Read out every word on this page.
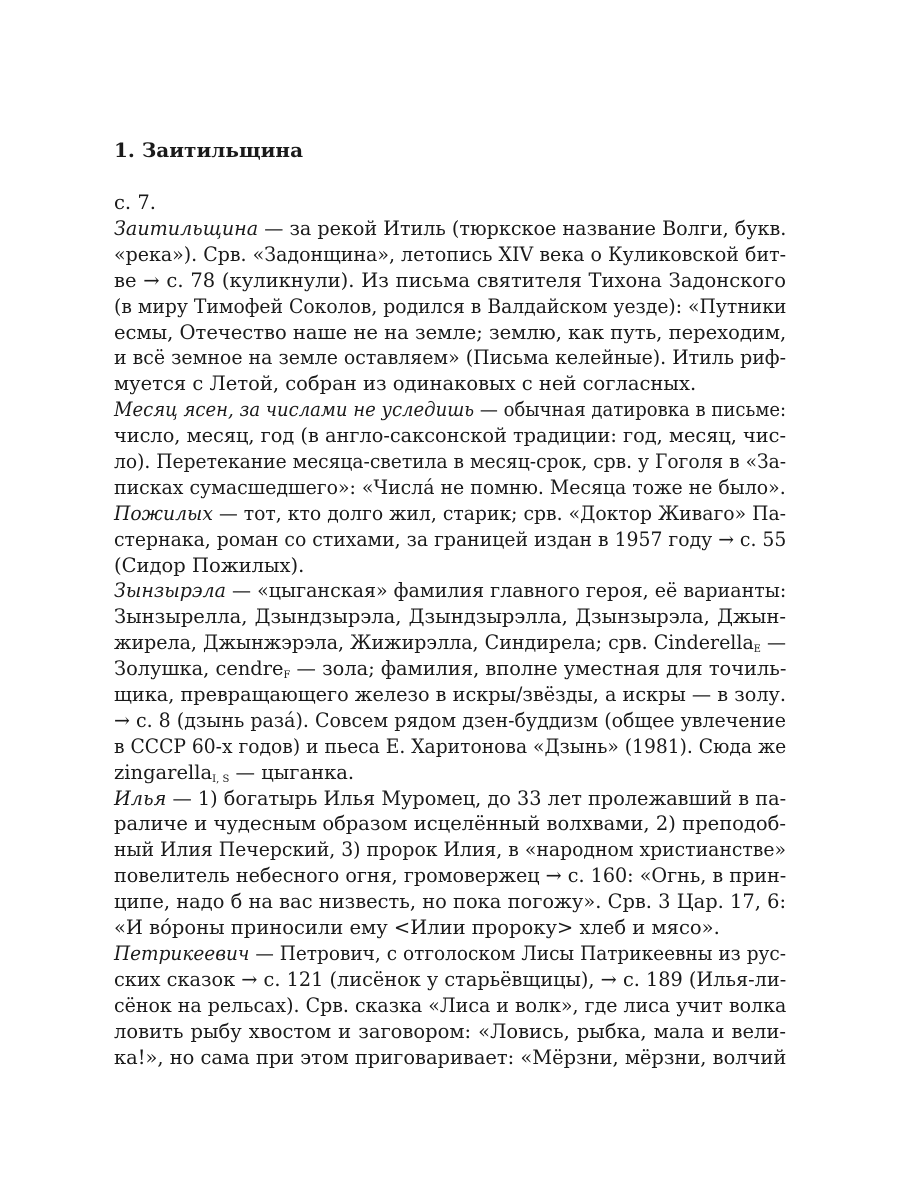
1. Заитильщина
с. 7.
Заитильщина — за рекой Итиль (тюркское название Волги, букв.
«река»). Срв. «Задонщина», летопись XIV века о Куликовской бит-
ве → с. 78 (куликнули). Из письма святителя Тихона Задонского
(в миру Тимофей Соколов, родился в Валдайском уезде): «Путники
есмы, Отечество наше не на земле; землю, как путь, переходим,
и всё земное на земле оставляем» (Письма келейные). Итиль риф-
муется с Летой, собран из одинаковых с ней согласных.
Месяц ясен, за числами не уследишь — обычная датировка в письме:
число, месяц, год (в англо-саксонской традиции: год, месяц, чис-
ло). Перетекание месяца-светила в месяц-срок, срв. у Гоголя в «За-
писках сумасшедшего»: «Числá не помню. Месяца тоже не было».
Пожилых — тот, кто долго жил, старик; срв. «Доктор Живаго» Па-
стернака, роман со стихами, за границей издан в 1957 году → с. 55
(Сидор Пожилых).
Зынзырэла — «цыганская» фамилия главного героя, её варианты:
Зынзырелла, Дзындзырэла, Дзындзырэлла, Дзынзырэла, Джын-
жирела, Джынжэрэла, Жижирэлла, Синдирела; срв. Cinderella$_E$ —
Золушка, cendre$_F$ — зола; фамилия, вполне уместная для точиль-
щика, превращающего железо в искры/звёзды, а искры — в золу.
→ с. 8 (дзынь разá). Совсем рядом дзен-буддизм (общее увлечение
в СССР 60-х годов) и пьеса Е. Харитонова «Дзынь» (1981). Сюда же
zingarella$_{I, S}$ — цыганка.
Илья — 1) богатырь Илья Муромец, до 33 лет пролежавший в па-
раличе и чудесным образом исцелённый волхвами, 2) преподоб-
ный Илия Печерский, 3) пророк Илия, в «народном христианстве»
повелитель небесного огня, громовержец → с. 160: «Огнь, в прин-
ципе, надо б на вас низвесть, но пока погожу». Срв. 3 Цар. 17, 6:
«И вóроны приносили ему <Илии пророку> хлеб и мясо».
Петрикеевич — Петрович, с отголоском Лисы Патрикеевны из рус-
ских сказок → с. 121 (лисёнок у старьёвщицы), → с. 189 (Илья-ли-
сёнок на рельсах). Срв. сказка «Лиса и волк», где лиса учит волка
ловить рыбу хвостом и заговором: «Ловись, рыбка, мала и вели-
ка!», но сама при этом приговаривает: «Мёрзни, мёрзни, волчий
